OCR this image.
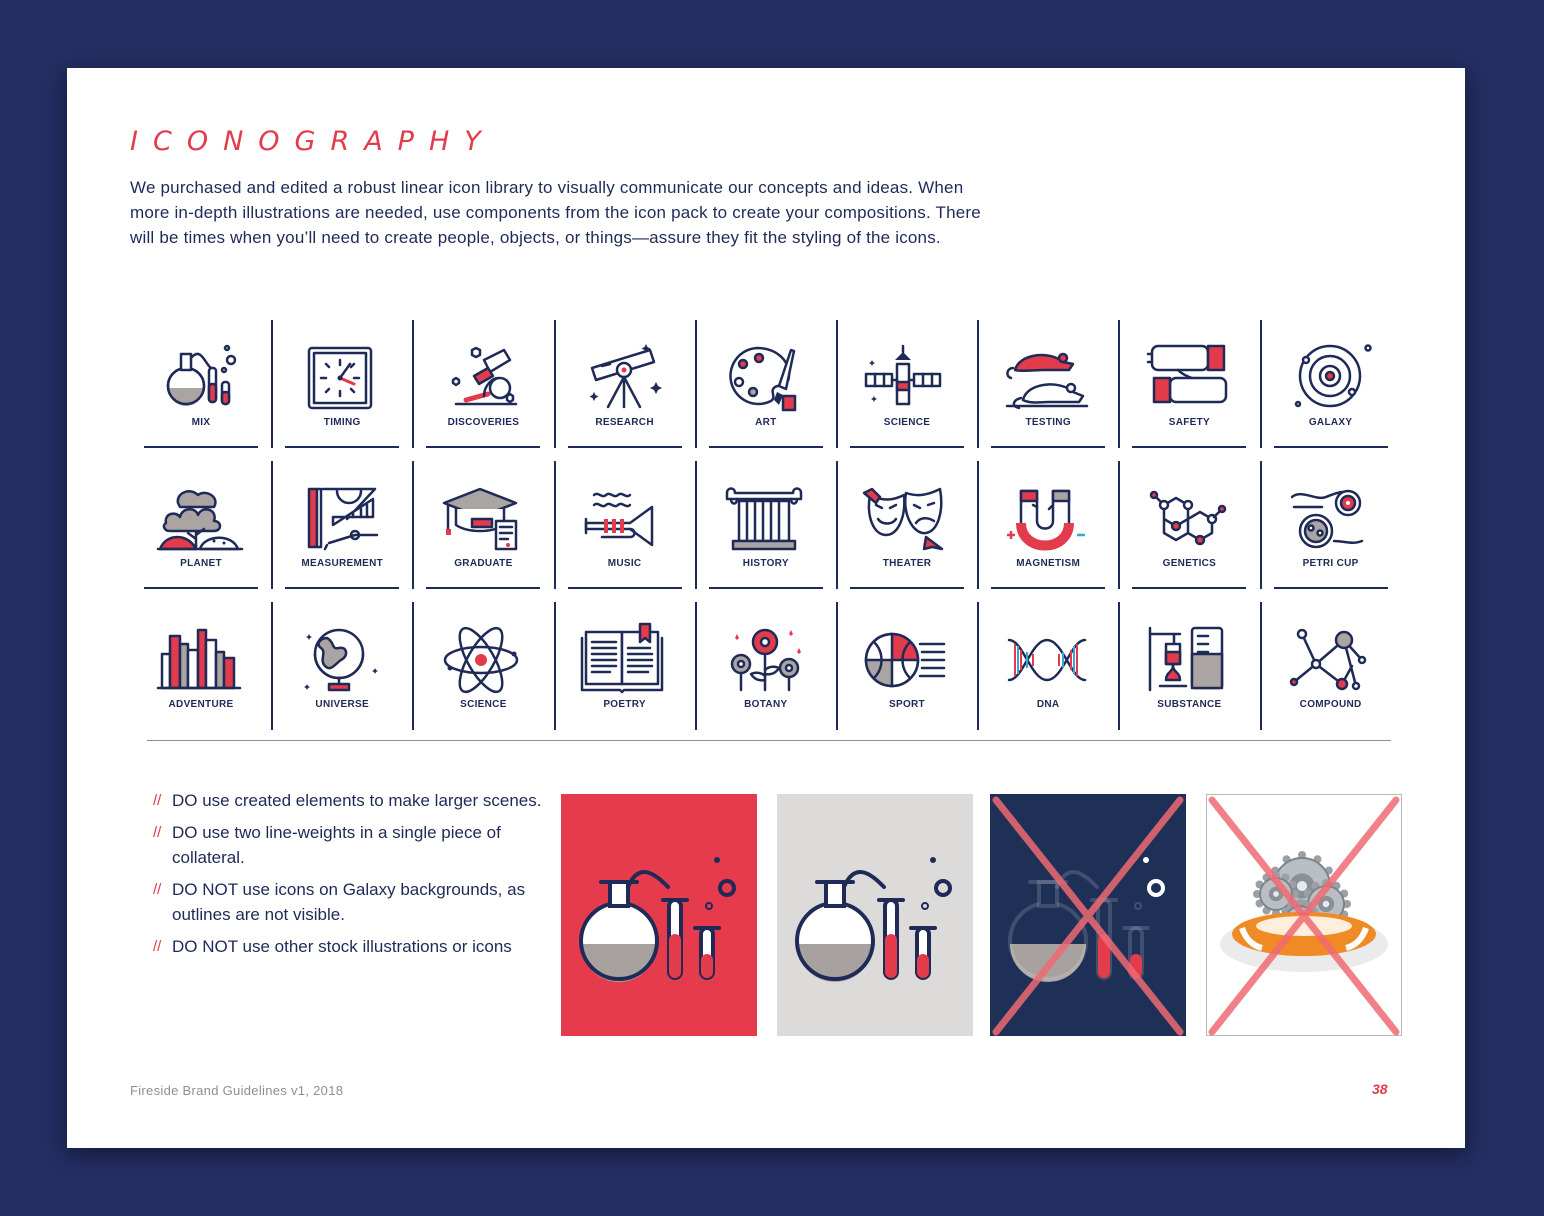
ICONOGRAPHY

We purchased and edited a robust linear icon library to visually communicate our concepts and ideas. When more in-depth illustrations are needed, use components from the icon pack to create your compositions. There will be times when you’ll need to create people, objects, or things—assure they fit the styling of the icons.

MIX	TIMING	DISCOVERIES	RESEARCH	ART	SCIENCE	TESTING	SAFETY	GALAXY
PLANET	MEASUREMENT	GRADUATE	MUSIC	HISTORY	THEATER	MAGNETISM	GENETICS	PETRI CUP
ADVENTURE	UNIVERSE	SCIENCE	POETRY	BOTANY	SPORT	DNA	SUBSTANCE	COMPOUND
// DO use created elements to make larger scenes.
// DO use two line-weights in a single piece of collateral.
// DO NOT use icons on Galaxy backgrounds, as outlines are not visible.
// DO NOT use other stock illustrations or icons
Fireside Brand Guidelines v1, 2018	38
